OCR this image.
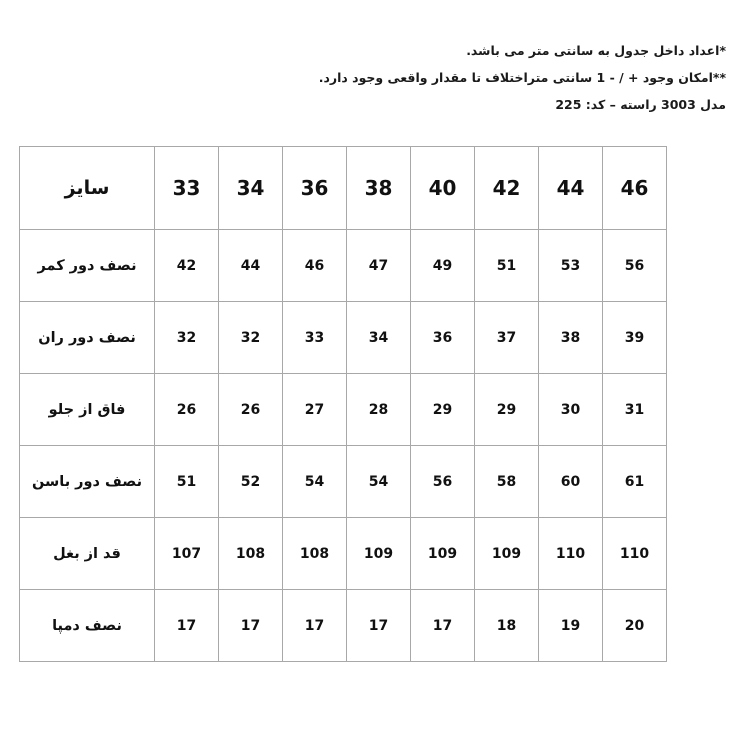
*اعداد داخل جدول به سانتی متر می باشد.
**امکان وجود + / - 1 سانتی متراختلاف تا مقدار واقعی وجود دارد.
مدل 3003 راسته – کد: 225
46	44	42	40	38	36	34	33	سایز
56	53	51	49	47	46	44	42	نصف دور کمر
39	38	37	36	34	33	32	32	نصف دور ران
31	30	29	29	28	27	26	26	فاق از جلو
61	60	58	56	54	54	52	51	نصف دور باسن
110	110	109	109	109	108	108	107	قد از بغل
20	19	18	17	17	17	17	17	نصف دمپا
